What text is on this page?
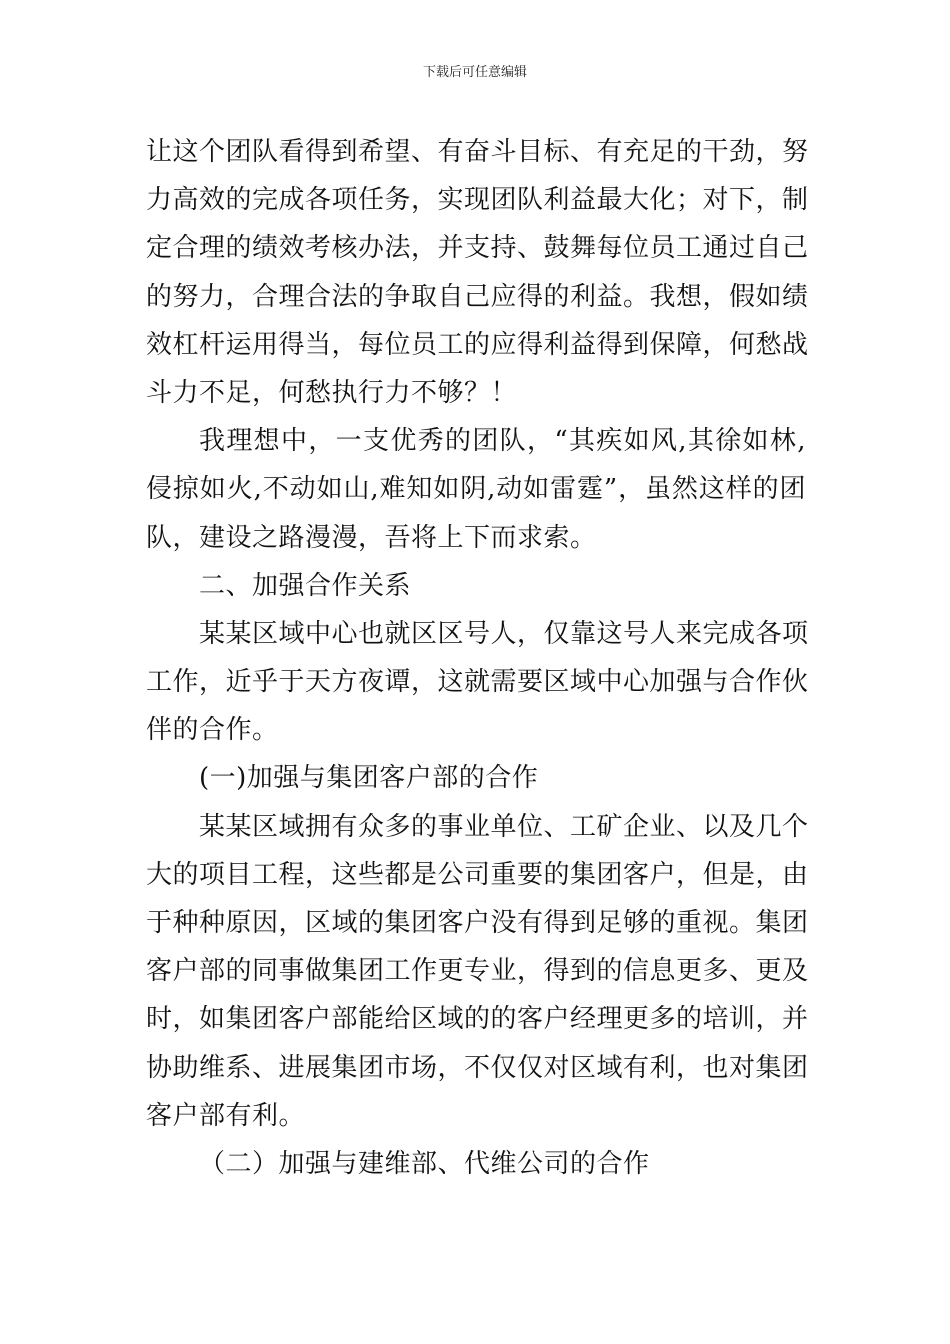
下载后可任意编辑
让这个团队看得到希望、有奋斗目标、有充足的干劲，努
力高效的完成各项任务，实现团队利益最大化；对下，制
定合理的绩效考核办法，并支持、鼓舞每位员工通过自己
的努力，合理合法的争取自己应得的利益。我想，假如绩
效杠杆运用得当，每位员工的应得利益得到保障，何愁战
斗力不足，何愁执行力不够？！
我理想中，一支优秀的团队，“其疾如风,其徐如林,
侵掠如火,不动如山,难知如阴,动如雷霆”，虽然这样的团
队，建设之路漫漫，吾将上下而求索。
二、加强合作关系
某某区域中心也就区区号人，仅靠这号人来完成各项
工作，近乎于天方夜谭，这就需要区域中心加强与合作伙
伴的合作。
(一)加强与集团客户部的合作
某某区域拥有众多的事业单位、工矿企业、以及几个
大的项目工程，这些都是公司重要的集团客户，但是，由
于种种原因，区域的集团客户没有得到足够的重视。集团
客户部的同事做集团工作更专业，得到的信息更多、更及
时，如集团客户部能给区域的的客户经理更多的培训，并
协助维系、进展集团市场，不仅仅对区域有利，也对集团
客户部有利。
（二）加强与建维部、代维公司的合作
